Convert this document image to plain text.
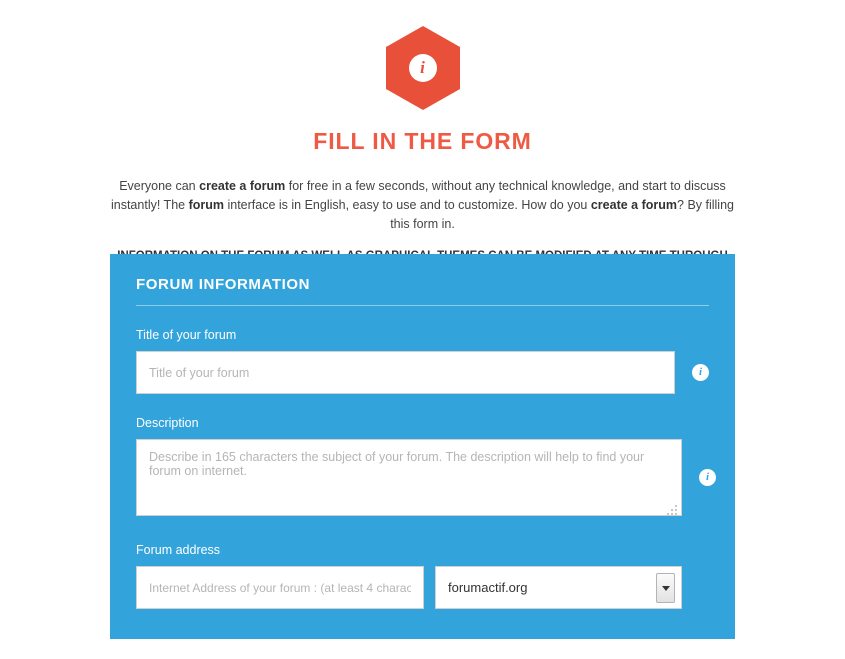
i
FILL IN THE FORM

Everyone can create a forum for free in a few seconds, without any technical knowledge, and start to discuss instantly! The forum interface is in English, easy to use and to customize. How do you create a forum? By filling this form in.

FORUM INFORMATION
Title of your forum
Title of your forum
i
Description
Describe in 165 characters the subject of your forum. The description will help to find your forum on internet.
i
Forum address
Internet Address of your forum : (at least 4 characters)
forumactif.org
